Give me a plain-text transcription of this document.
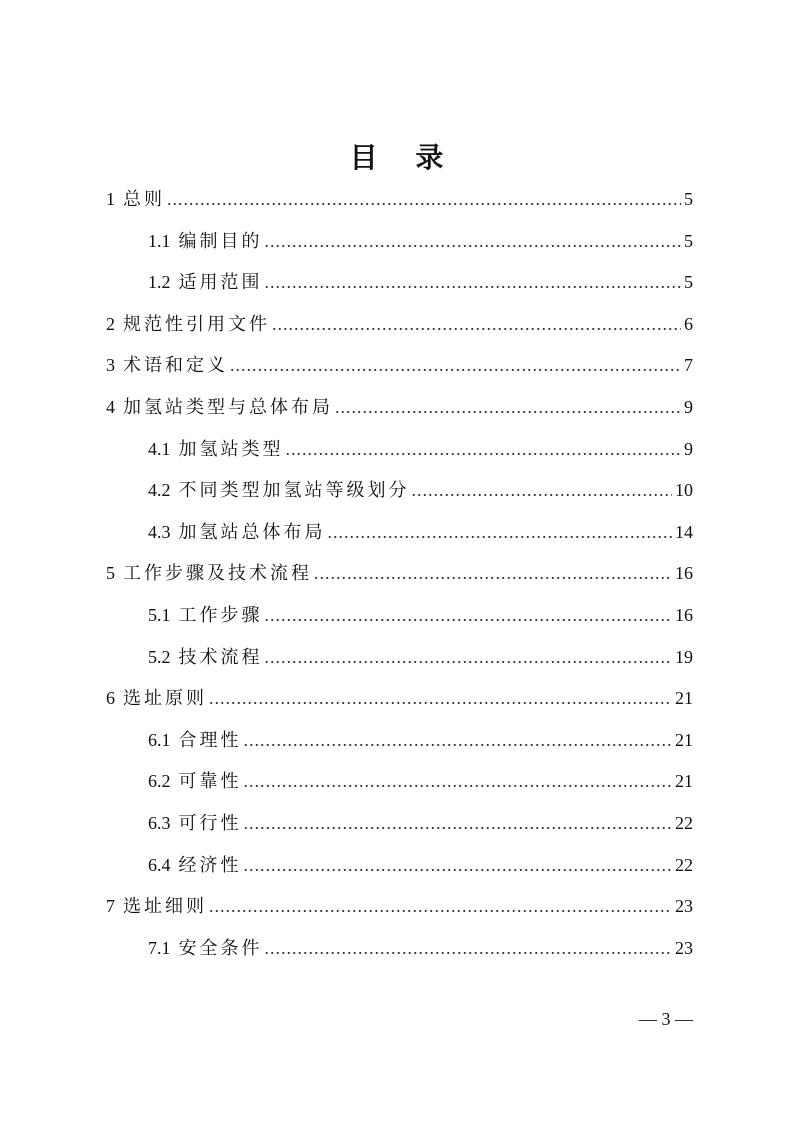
目 录
1 总则 .....	5
1.1 编制目的 .....	5
1.2 适用范围 .....	5
2 规范性引用文件 .....	6
3 术语和定义 .....	7
4 加氢站类型与总体布局 .....	9
4.1 加氢站类型 .....	9
4.2 不同类型加氢站等级划分 .....	10
4.3 加氢站总体布局 .....	14
5 工作步骤及技术流程 .....	16
5.1 工作步骤 .....	16
5.2 技术流程 .....	19
6 选址原则 .....	21
6.1 合理性 .....	21
6.2 可靠性 .....	21
6.3 可行性 .....	22
6.4 经济性 .....	22
7 选址细则 .....	23
7.1 安全条件 .....	23
— 3 —
